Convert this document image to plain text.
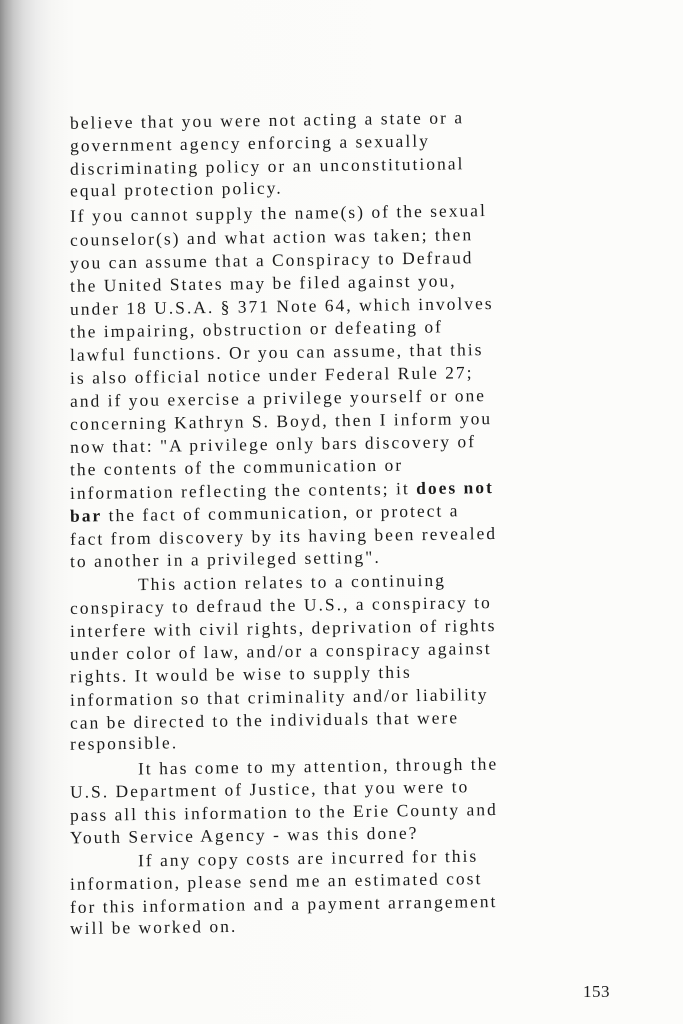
believe that you were not acting a state or a
government agency enforcing a sexually
discriminating policy or an unconstitutional
equal protection policy.
If you cannot supply the name(s) of the sexual
counselor(s) and what action was taken; then
you can assume that a Conspiracy to Defraud
the United States may be filed against you,
under 18 U.S.A. § 371 Note 64, which involves
the impairing, obstruction or defeating of
lawful functions. Or you can assume, that this
is also official notice under Federal Rule 27;
and if you exercise a privilege yourself or one
concerning Kathryn S. Boyd, then I inform you
now that: "A privilege only bars discovery of
the contents of the communication or
information reflecting the contents; it does not
bar the fact of communication, or protect a
fact from discovery by its having been revealed
to another in a privileged setting".
This action relates to a continuing
conspiracy to defraud the U.S., a conspiracy to
interfere with civil rights, deprivation of rights
under color of law, and/or a conspiracy against
rights. It would be wise to supply this
information so that criminality and/or liability
can be directed to the individuals that were
responsible.
It has come to my attention, through the
U.S. Department of Justice, that you were to
pass all this information to the Erie County and
Youth Service Agency - was this done?
If any copy costs are incurred for this
information, please send me an estimated cost
for this information and a payment arrangement
will be worked on.
153
